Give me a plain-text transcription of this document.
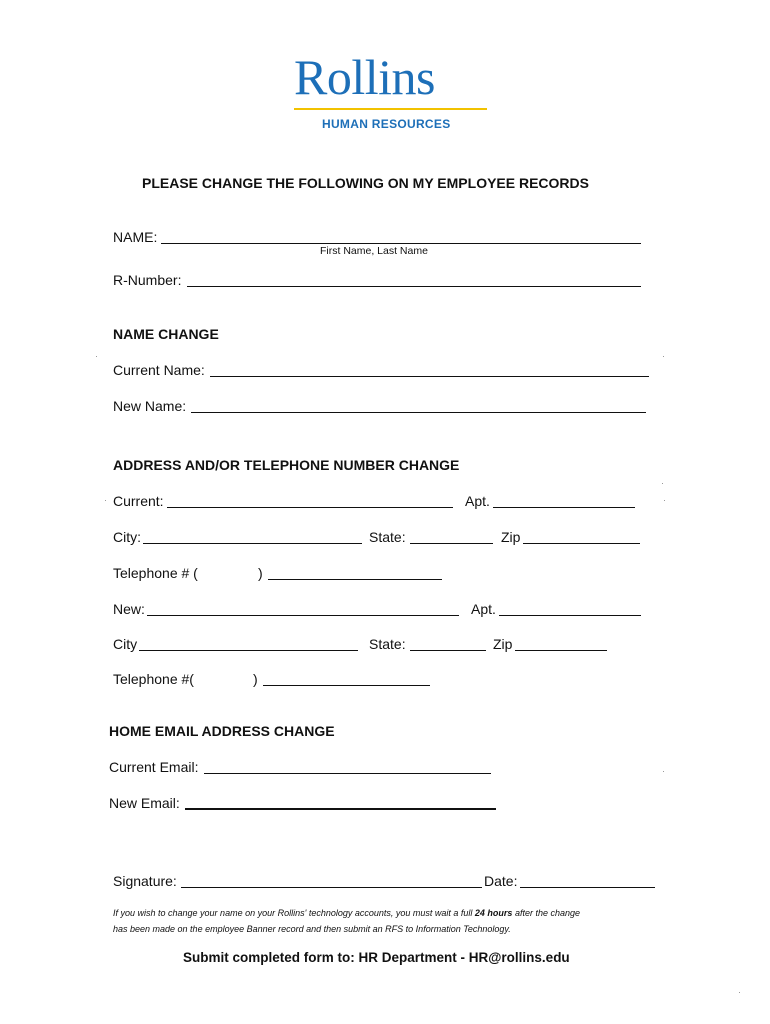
Rollins
HUMAN RESOURCES
PLEASE CHANGE THE FOLLOWING ON MY EMPLOYEE RECORDS
NAME:
First Name, Last Name
R-Number:
NAME CHANGE
Current Name:
New Name:
ADDRESS AND/OR TELEPHONE NUMBER CHANGE
Current:	Apt.
City:	State:	Zip
Telephone # (	)
New:	Apt.
City	State:	Zip
Telephone #(	)
HOME EMAIL ADDRESS CHANGE
Current Email:
New Email:
Signature:	Date:
If you wish to change your name on your Rollins' technology accounts, you must wait a full 24 hours after the change
has been made on the employee Banner record and then submit an RFS to Information Technology.
Submit completed form to: HR Department - HR@rollins.edu
